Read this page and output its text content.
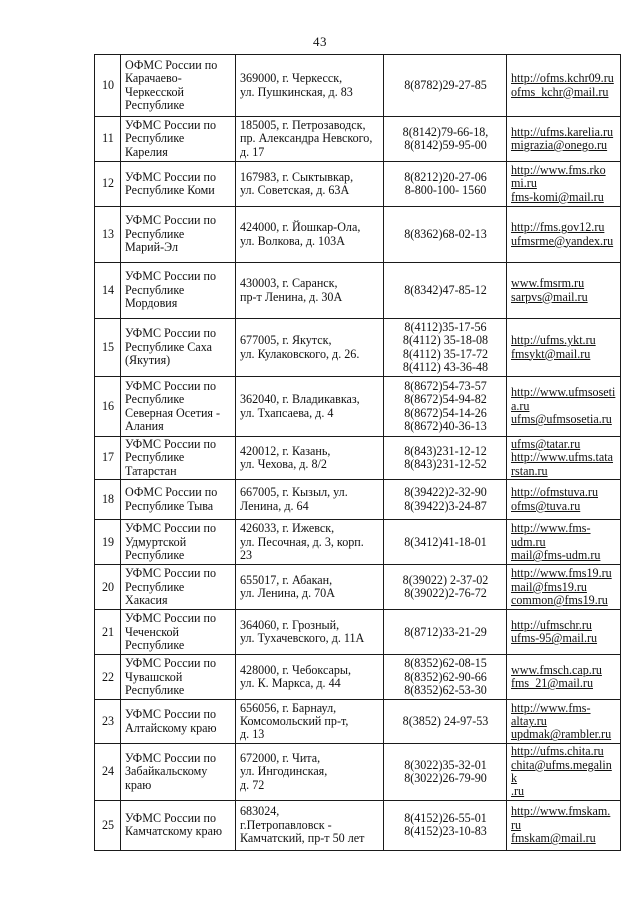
43
10	ОФМС России по Карачаево-
Черкесской
Республике	369000, г. Черкесск,
ул. Пушкинская, д. 83	8(8782)29-27-85	http://ofms.kchr09.ru
ofms_kchr@mail.ru

11	УФМС России по
Республике
Карелия	185005, г. Петрозаводск,
пр. Александра Невского,
д. 17	8(8142)79-66-18,
8(8142)59-95-00	http://ufms.karelia.ru
migrazia@onego.ru

12	УФМС России по
Республике Коми	167983, г. Сыктывкар,
ул. Советская, д. 63А	8(8212)20-27-06
8-800-100- 1560	http://www.fms.rko
mi.ru
fms-komi@mail.ru

13	УФМС России по
Республике
Марий-Эл	424000, г. Йошкар-Ола,
ул. Волкова, д. 103А	8(8362)68-02-13	http://fms.gov12.ru
ufmsrme@yandex.ru

14	УФМС России по
Республике
Мордовия	430003, г. Саранск,
пр-т Ленина, д. 30А	8(8342)47-85-12	www.fmsrm.ru
sarpvs@mail.ru

15	УФМС России по
Республике Саха
(Якутия)	677005, г. Якутск,
ул. Кулаковского, д. 26.	8(4112)35-17-56
8(4112) 35-18-08
8(4112) 35-17-72
8(4112) 43-36-48	http://ufms.ykt.ru
fmsykt@mail.ru

16	УФМС России по
Республике
Северная Осетия -
Алания	362040, г. Владикавказ,
ул. Тхапсаева, д. 4	8(8672)54-73-57
8(8672)54-94-82
8(8672)54-14-26
8(8672)40-36-13	http://www.ufmsoseti
a.ru
ufms@ufmsosetia.ru

17	УФМС России по
Республике
Татарстан	420012, г. Казань,
ул. Чехова, д. 8/2	8(843)231-12-12
8(843)231-12-52	ufms@tatar.ru
http://www.ufms.tata
rstan.ru

18	ОФМС России по
Республике Тыва	667005, г. Кызыл, ул.
Ленина, д. 64	8(39422)2-32-90
8(39422)3-24-87	http://ofmstuva.ru
ofms@tuva.ru

19	УФМС России по
Удмуртской
Республике	426033, г. Ижевск,
ул. Песочная, д. 3, корп.
23	8(3412)41-18-01	http://www.fms-
udm.ru
mail@fms-udm.ru

20	УФМС России по
Республике
Хакасия	655017, г. Абакан,
ул. Ленина, д. 70А	8(39022) 2-37-02
8(39022)2-76-72	http://www.fms19.ru
mail@fms19.ru
common@fms19.ru

21	УФМС России по
Чеченской
Республике	364060, г. Грозный,
ул. Тухачевского, д. 11А	8(8712)33-21-29	http://ufmschr.ru
ufms-95@mail.ru

22	УФМС России по
Чувашской
Республике	428000, г. Чебоксары,
ул. К. Маркса, д. 44	8(8352)62-08-15
8(8352)62-90-66
8(8352)62-53-30	www.fmsch.cap.ru
fms_21@mail.ru

23	УФМС России по
Алтайскому краю	656056, г. Барнаул,
Комсомольский пр-т,
д. 13	8(3852) 24-97-53	http://www.fms-
altay.ru
updmak@rambler.ru

24	УФМС России по
Забайкальскому
краю	672000, г. Чита,
ул. Ингодинская,
д. 72	8(3022)35-32-01
8(3022)26-79-90	http://ufms.chita.ru
chita@ufms.megalink
.ru

25	УФМС России по
Камчатскому краю	683024,
г.Петропавловск -
Камчатский, пр-т 50 лет	8(4152)26-55-01
8(4152)23-10-83	http://www.fmskam.
ru
fmskam@mail.ru
